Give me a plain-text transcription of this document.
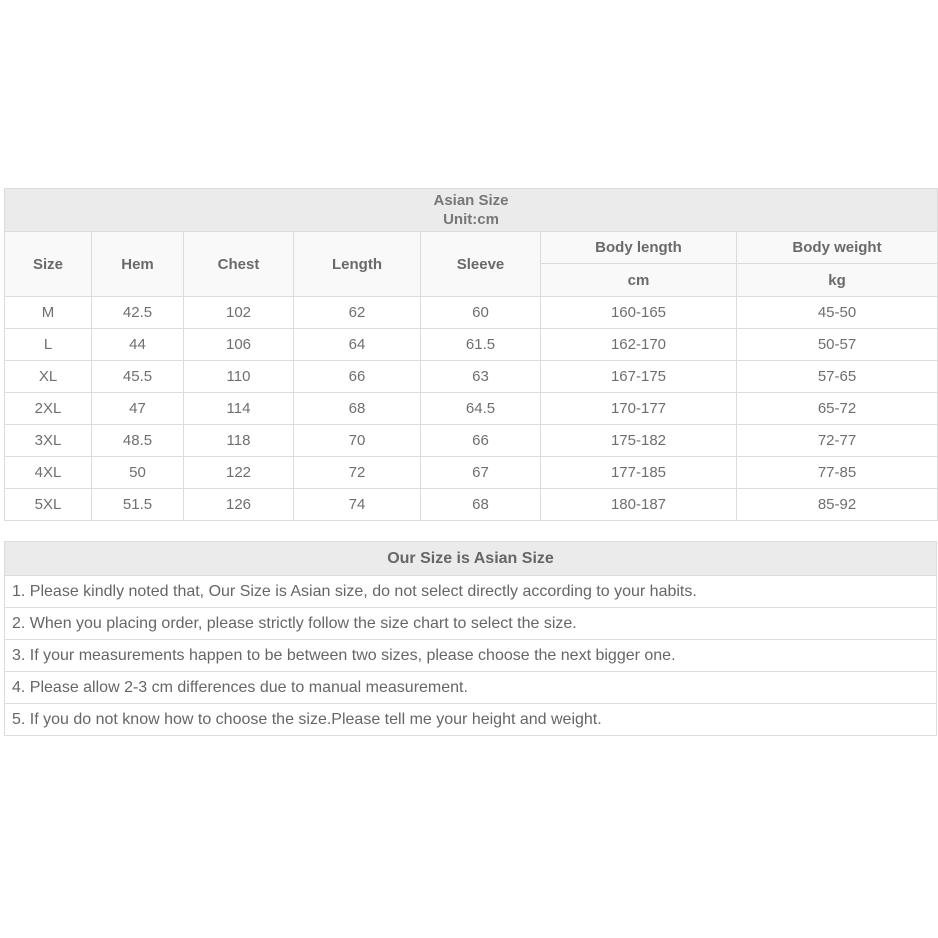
Asian Size
Unit:cm						

Size	Hem	Chest	Length	Sleeve	Body length	Body weight
					cm	kg
M	42.5	102	62	60	160-165	45-50
L	44	106	64	61.5	162-170	50-57
XL	45.5	110	66	63	167-175	57-65
2XL	47	114	68	64.5	170-177	65-72
3XL	48.5	118	70	66	175-182	72-77
4XL	50	122	72	67	177-185	77-85
5XL	51.5	126	74	68	180-187	85-92
Our Size is Asian Size
1. Please kindly noted that, Our Size is Asian size, do not select directly according to your habits.
2. When you placing order, please strictly follow the size chart to select the size.
3. If your measurements happen to be between two sizes, please choose the next bigger one.
4. Please allow 2-3 cm differences due to manual measurement.
5. If you do not know how to choose the size.Please tell me your height and weight.
